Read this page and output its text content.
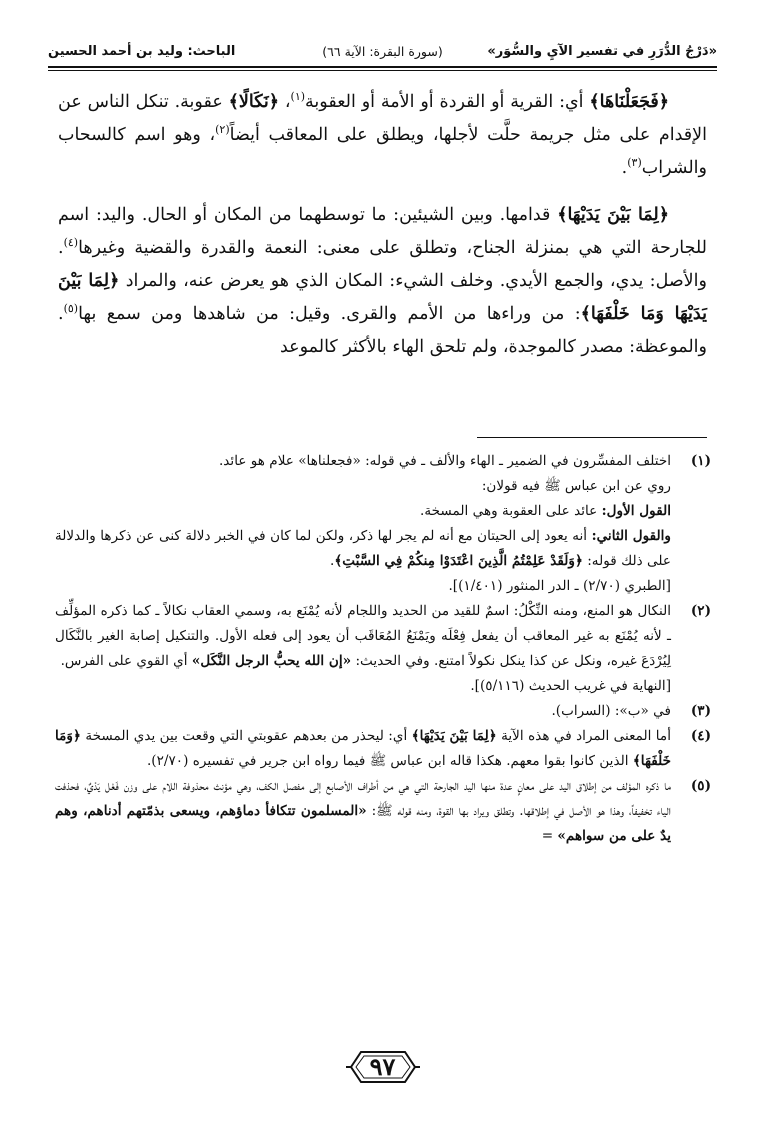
«دَرْجُ الدُّرَرِ في تفسير الآيِ والسُّوَر»
(سورة البقرة: الآية ٦٦)
الباحث: وليد بن أحمد الحسين

﴿فَجَعَلْنَاهَا﴾ أي: القرية أو القردة أو الأمة أو العقوبة$^{(١)}$، ﴿نَكَالًا﴾ عقوبة. تنكل الناس عن الإقدام على مثل جريمة حلَّت لأجلها، ويطلق على المعاقب أيضاً$^{(٢)}$، وهو اسم كالسحاب والشراب$^{(٣)}$.

﴿لِمَا بَيْنَ يَدَيْهَا﴾ قدامها. وبين الشيئين: ما توسطهما من المكان أو الحال. واليد: اسم للجارحة التي هي بمنزلة الجناح، وتطلق على معنى: النعمة والقدرة والقضية وغيرها$^{(٤)}$. والأصل: يدي، والجمع الأيدي. وخلف الشيء: المكان الذي هو يعرض عنه، والمراد ﴿لِمَا بَيْنَ يَدَيْهَا وَمَا خَلْفَهَا﴾: من وراءها من الأمم والقرى. وقيل: من شاهدها ومن سمع بها$^{(٥)}$. والموعظة: مصدر كالموجدة، ولم تلحق الهاء بالأكثر كالموعد

(١)
اختلف المفسِّرون في الضمير ـ الهاء والألف ـ في قوله: «فجعلناها» علام هو عائد.
روي عن ابن عباس ﷺ فيه قولان:
القول الأول: عائد على العقوبة وهي المسخة.
والقول الثاني: أنه يعود إلى الحيتان مع أنه لم يجر لها ذكر، ولكن لما كان في الخبر دلالة كنى عن ذكرها والدلالة على ذلك قوله: ﴿وَلَقَدْ عَلِمْتُمُ الَّذِينَ اعْتَدَوْا مِنكُمْ فِي السَّبْتِ﴾.
[الطبري (٢/٧٠) ـ الدر المنثور (١/٤٠١)].
(٢)
النكال هو المنع، ومنه النِّكْلُ: اسمٌ للقيد من الحديد واللجام لأنه يُمْنَع به، وسمي العقاب نكالاً ـ كما ذكره المؤلِّف ـ لأنه يُمْنَع به غير المعاقب أن يفعل فِعْلَه ويَمْنَعُ المُعَاقَب أن يعود إلى فعله الأول. والتنكيل إصابة الغير بالنَّكَال لِيُرْدَعَ غيره، ونكل عن كذا ينكل نكولاً امتنع. وفي الحديث: «إن الله يحبُّ الرجل النَّكَل» أي القوي على الفرس.
[النهاية في غريب الحديث (٥/١١٦)].
(٣)
في «ب»: (السراب).
(٤)
أما المعنى المراد في هذه الآية ﴿لِمَا بَيْنَ يَدَيْهَا﴾ أي: ليحذر من بعدهم عقوبتي التي وقعت بين يدي المسخة ﴿وَمَا خَلْفَهَا﴾ الذين كانوا بقوا معهم. هكذا قاله ابن عباس ﷺ فيما رواه ابن جرير في تفسيره (٢/٧٠).
(٥)
ما ذكره المؤلف من إطلاق اليد على معانٍ عدة منها اليد الجارحة التي هي من أطراف الأصابع إلى مفصل الكف، وهي مؤنث محذوفة اللام على وزن فَعْل يَدْيٌ، فحذفت الياء تخفيفاً، وهذا هو الأصل في إطلاقها. وتطلق ويراد بها القوة، ومنه قوله ﷺ: «المسلمون تتكافأ دماؤهم، ويسعى بذمّتهم أدناهم، وهم يدٌ على من سواهم» =
٩٧
